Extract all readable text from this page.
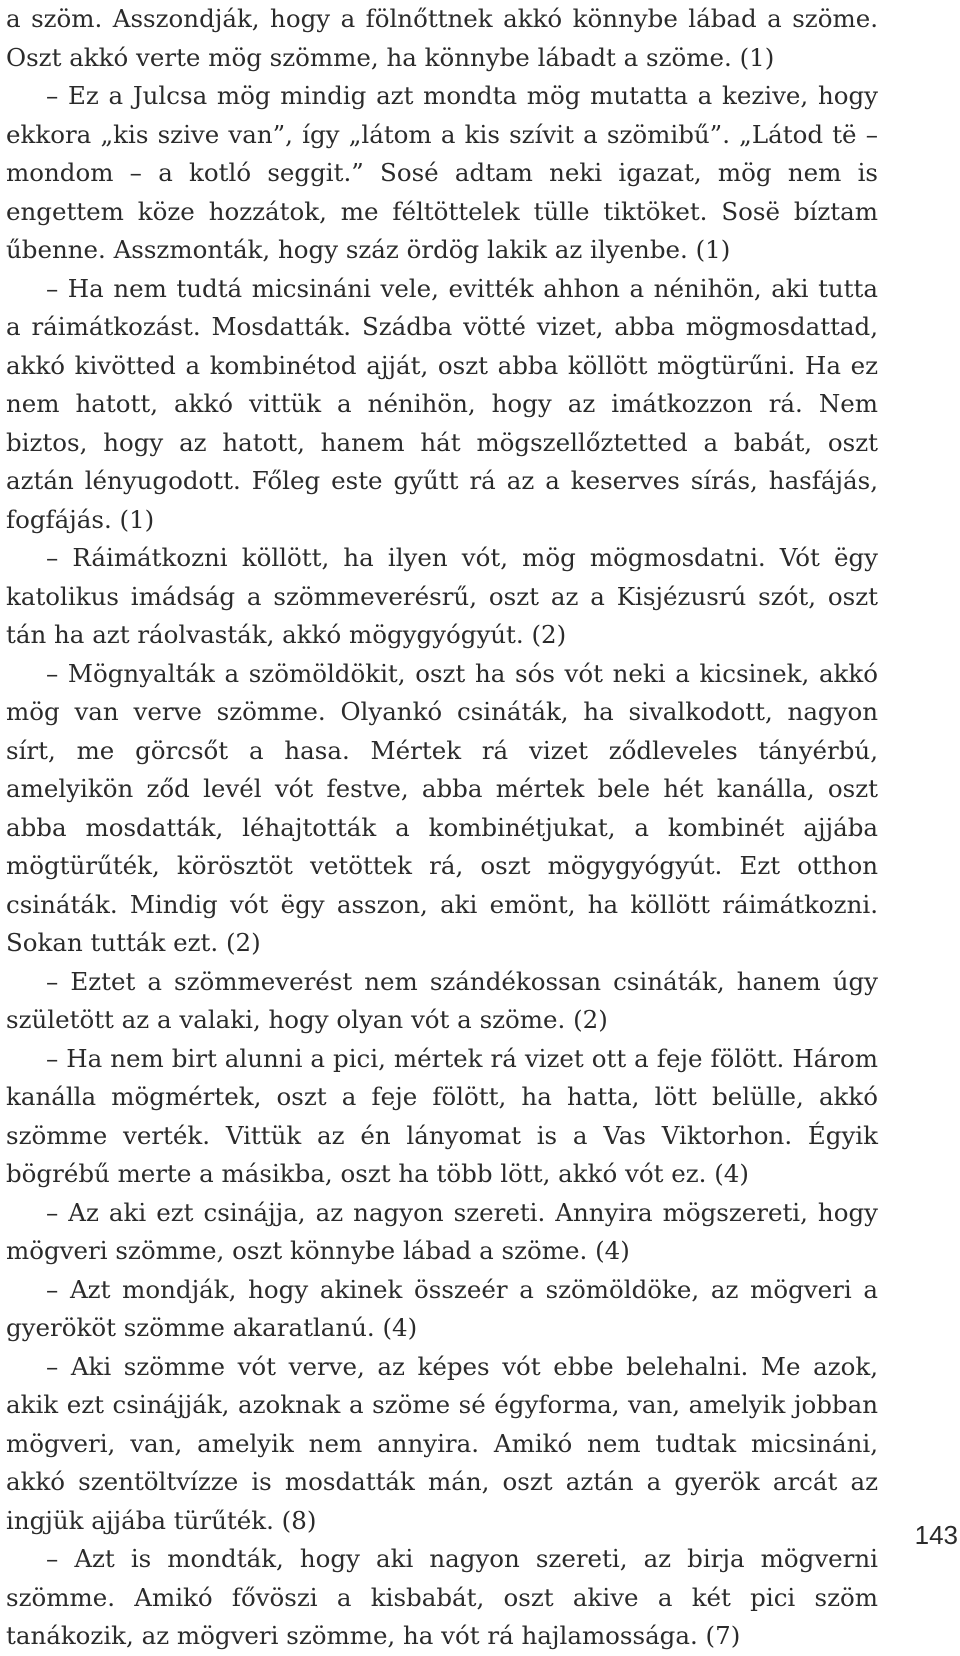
a szöm. Asszondják, hogy a fölnőttnek akkó könnybe lábad a szöme. Oszt akkó verte mög szömme, ha könnybe lábadt a szöme. (1)

– Ez a Julcsa mög mindig azt mondta mög mutatta a kezive, hogy ekkora „kis szive van”, így „látom a kis szívit a szömibű”. „Látod të – mondom – a kotló seggit.” Sosé adtam neki igazat, mög nem is engettem köze hozzátok, me féltöttelek tülle tiktöket. Sosë bíztam űbenne. Asszmonták, hogy száz ördög lakik az ilyenbe. (1)

– Ha nem tudtá micsináni vele, evitték ahhon a nénihön, aki tutta a ráimátkozást. Mosdatták. Szádba vötté vizet, abba mögmosdattad, akkó kivötted a kombinétod ajját, oszt abba köllött mögtürűni. Ha ez nem hatott, akkó vittük a nénihön, hogy az imátkozzon rá. Nem biztos, hogy az hatott, hanem hát mögszellőztetted a babát, oszt aztán lényugodott. Főleg este gyűtt rá az a keserves sírás, hasfájás, fogfájás. (1)

– Ráimátkozni köllött, ha ilyen vót, mög mögmosdatni. Vót ëgy katolikus imádság a szömmeverésrű, oszt az a Kisjézusrú szót, oszt tán ha azt ráolvasták, akkó mögygyógyút. (2)

– Mögnyalták a szömöldökit, oszt ha sós vót neki a kicsinek, akkó mög van verve szömme. Olyankó csináták, ha sivalkodott, nagyon sírt, me görcsőt a hasa. Mértek rá vizet ződleveles tányérbú, amelyikön ződ levél vót festve, abba mértek bele hét kanálla, oszt abba mosdatták, léhajtották a kombinétjukat, a kombinét ajjába mögtürűték, körösztöt vetöttek rá, oszt mögygyógyút. Ezt otthon csináták. Mindig vót ëgy asszon, aki emönt, ha köllött ráimátkozni. Sokan tutták ezt. (2)

– Eztet a szömmeverést nem szándékossan csináták, hanem úgy születött az a valaki, hogy olyan vót a szöme. (2)

– Ha nem birt alunni a pici, mértek rá vizet ott a feje fölött. Három kanálla mögmértek, oszt a feje fölött, ha hatta, lött belülle, akkó szömme verték. Vittük az én lányomat is a Vas Viktorhon. Égyik bögrébű merte a másikba, oszt ha több lött, akkó vót ez. (4)

– Az aki ezt csinájja, az nagyon szereti. Annyira mögszereti, hogy mögveri szömme, oszt könnybe lábad a szöme. (4)

– Azt mondják, hogy akinek összeér a szömöldöke, az mögveri a gyerököt szömme akaratlanú. (4)

– Aki szömme vót verve, az képes vót ebbe belehalni. Me azok, akik ezt csinájják, azoknak a szöme sé égyforma, van, amelyik jobban mögveri, van, amelyik nem annyira. Amikó nem tudtak micsináni, akkó szentöltvízze is mosdatták mán, oszt aztán a gyerök arcát az ingjük ajjába türűték. (8)

– Azt is mondták, hogy aki nagyon szereti, az birja mögverni szömme. Amikó fővöszi a kisbabát, oszt akive a két pici szöm tanákozik, az mögveri szömme, ha vót rá hajlamossága. (7)

143
